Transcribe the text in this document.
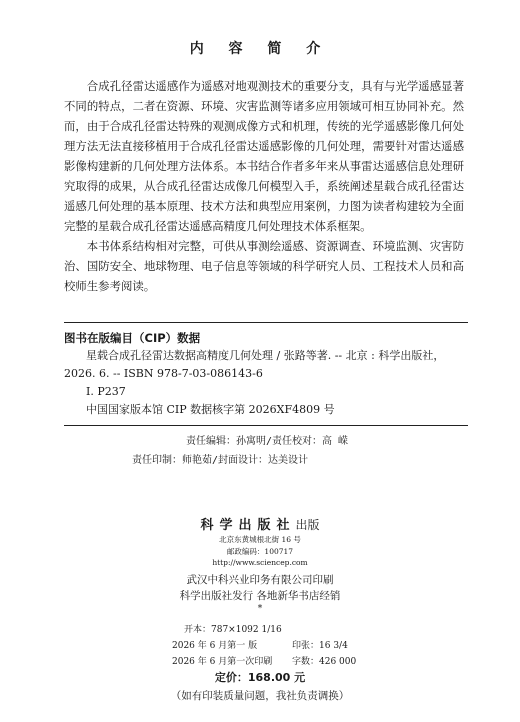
内 容 简 介

合成孔径雷达遥感作为遥感对地观测技术的重要分支，具有与光学遥感显著不同的特点，二者在资源、环境、灾害监测等诸多应用领域可相互协同补充。然而，由于合成孔径雷达特殊的观测成像方式和机理，传统的光学遥感影像几何处理方法无法直接移植用于合成孔径雷达遥感影像的几何处理，需要针对雷达遥感影像构建新的几何处理方法体系。本书结合作者多年来从事雷达遥感信息处理研究取得的成果，从合成孔径雷达成像几何模型入手，系统阐述星载合成孔径雷达遥感几何处理的基本原理、技术方法和典型应用案例，力图为读者构建较为全面完整的星载合成孔径雷达遥感高精度几何处理技术体系框架。

本书体系结构相对完整，可供从事测绘遥感、资源调查、环境监测、灾害防治、国防安全、地球物理、电子信息等领域的科学研究人员、工程技术人员和高校师生参考阅读。

图书在版编目（CIP）数据
星载合成孔径雷达数据高精度几何处理 / 张路等著. -- 北京 : 科学出版社，2026. 6. -- ISBN 978-7-03-086143-6
I. P237
中国国家版本馆 CIP 数据核字第 2026XF4809 号
责任编辑：孙寓明/责任校对：高 嵘
责任印制：师艳茹/封面设计：达美设计
科学出版社出版
北京东黄城根北街 16 号
邮政编码：100717
http://www.sciencep.com
武汉中科兴业印务有限公司印刷
科学出版社发行 各地新华书店经销
*
开本：787×1092 1/16
2026 年 6 月第一 版	印张：16 3/4
2026 年 6 月第一次印刷 字数：426 000
定价：168.00 元
（如有印装质量问题，我社负责调换）
